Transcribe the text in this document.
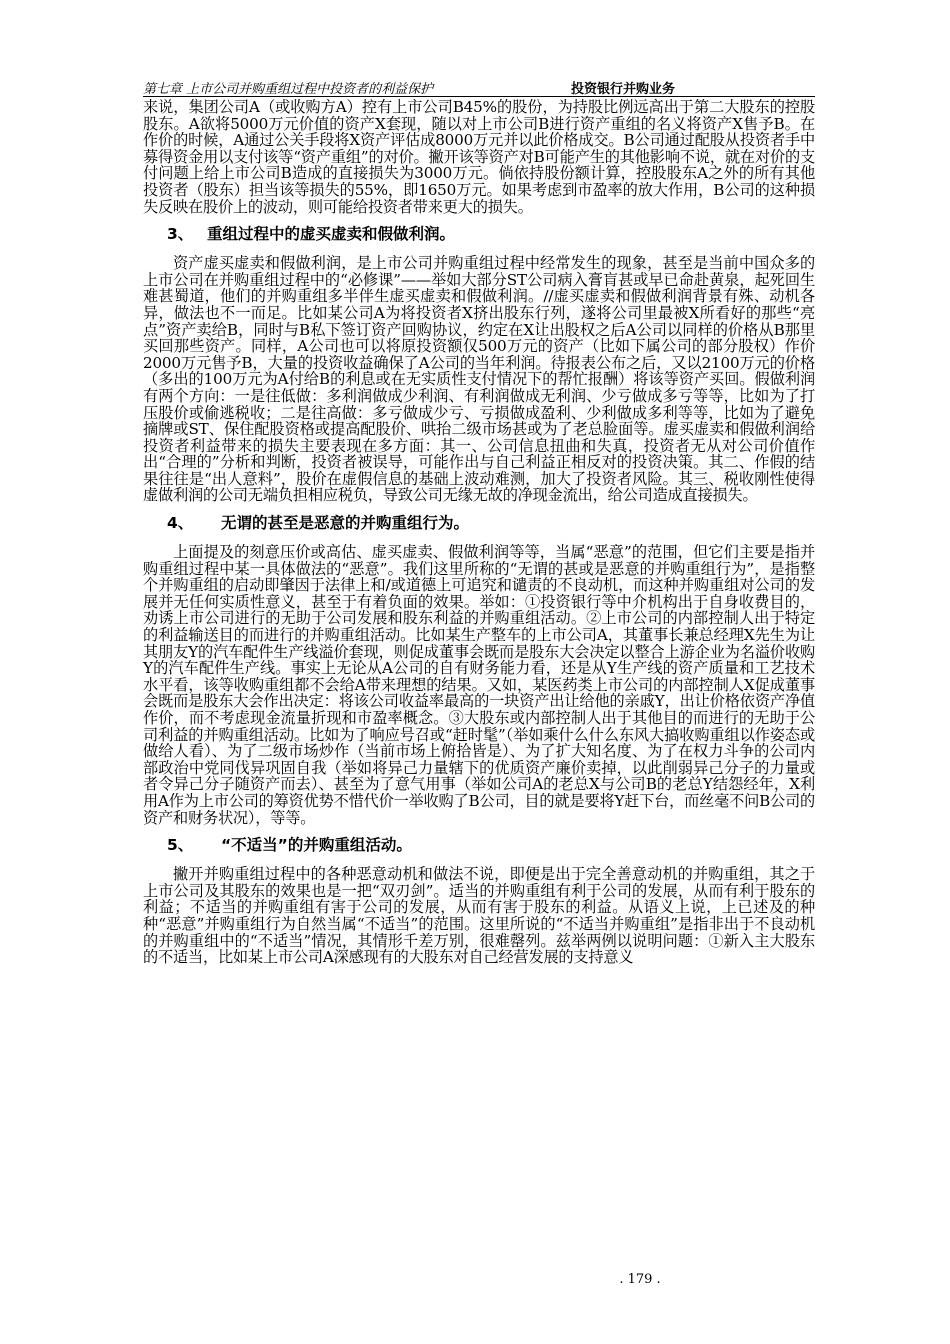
第七章 上市公司并购重组过程中投资者的利益保护	投资银行并购业务

来说，集团公司A（或收购方A）控有上市公司B45%的股份，为持股比例远高出于第二大股东的控股股东。A欲将5000万元价值的资产X套现，随以对上市公司B进行资产重组的名义将资产X售予B。在作价的时候，A通过公关手段将X资产评估成8000万元并以此价格成交。B公司通过配股从投资者手中募得资金用以支付该等“资产重组”的对价。撇开该等资产对B可能产生的其他影响不说，就在对价的支付问题上给上市公司B造成的直接损失为3000万元。倘依持股份额计算，控股股东A之外的所有其他投资者（股东）担当该等损失的55%，即1650万元。如果考虑到市盈率的放大作用，B公司的这种损失反映在股价上的波动，则可能给投资者带来更大的损失。

3、 重组过程中的虚买虚卖和假做利润。

资产虚买虚卖和假做利润，是上市公司并购重组过程中经常发生的现象，甚至是当前中国众多的上市公司在并购重组过程中的“必修课”——举如大部分ST公司病入膏肓甚或早已命赴黄泉，起死回生难甚蜀道，他们的并购重组多半伴生虚买虚卖和假做利润。//虚买虚卖和假做利润背景有殊、动机各异，做法也不一而足。比如某公司A为将投资者X挤出股东行列，遂将公司里最被X所看好的那些“亮点”资产卖给B，同时与B私下签订资产回购协议，约定在X让出股权之后A公司以同样的价格从B那里买回那些资产。同样，A公司也可以将原投资额仅500万元的资产（比如下属公司的部分股权）作价2000万元售予B，大量的投资收益确保了A公司的当年利润。待报表公布之后，又以2100万元的价格（多出的100万元为A付给B的利息或在无实质性支付情况下的帮忙报酬）将该等资产买回。假做利润有两个方向：一是往低做：多利润做成少利润、有利润做成无利润、少亏做成多亏等等，比如为了打压股价或偷逃税收；二是往高做：多亏做成少亏、亏损做成盈利、少利做成多利等等，比如为了避免摘牌或ST、保住配股资格或提高配股价、哄抬二级市场甚或为了老总脸面等。虚买虚卖和假做利润给投资者利益带来的损失主要表现在多方面：其一、公司信息扭曲和失真，投资者无从对公司价值作出“合理的”分析和判断，投资者被误导，可能作出与自己利益正相反对的投资决策。其二、作假的结果往往是“出人意料”，股价在虚假信息的基础上波动难测，加大了投资者风险。其三、税收刚性使得虚做利润的公司无端负担相应税负，导致公司无缘无故的净现金流出，给公司造成直接损失。

4、 无谓的甚至是恶意的并购重组行为。

上面提及的刻意压价或高估、虚买虚卖、假做利润等等，当属“恶意”的范围，但它们主要是指并购重组过程中某一具体做法的“恶意”。我们这里所称的“无谓的甚或是恶意的并购重组行为”，是指整个并购重组的启动即肇因于法律上和/或道德上可追究和谴责的不良动机，而这种并购重组对公司的发展并无任何实质性意义，甚至于有着负面的效果。举如：①投资银行等中介机构出于自身收费目的，劝诱上市公司进行的无助于公司发展和股东利益的并购重组活动。②上市公司的内部控制人出于特定的利益输送目的而进行的并购重组活动。比如某生产整车的上市公司A，其董事长兼总经理X先生为让其朋友Y的汽车配件生产线溢价套现，则促成董事会既而是股东大会决定以整合上游企业为名溢价收购Y的汽车配件生产线。事实上无论从A公司的自有财务能力看，还是从Y生产线的资产质量和工艺技术水平看，该等收购重组都不会给A带来理想的结果。又如，某医药类上市公司的内部控制人X促成董事会既而是股东大会作出决定：将该公司收益率最高的一块资产出让给他的亲戚Y，出让价格依资产净值作价，而不考虑现金流量折现和市盈率概念。③大股东或内部控制人出于其他目的而进行的无助于公司利益的并购重组活动。比如为了响应号召或“赶时髦”（举如乘什么什么东风大搞收购重组以作姿态或做给人看）、为了二级市场炒作（当前市场上俯拾皆是）、为了扩大知名度、为了在权力斗争的公司内部政治中党同伐异巩固自我（举如将异己力量辖下的优质资产廉价卖掉，以此削弱异己分子的力量或者令异己分子随资产而去）、甚至为了意气用事（举如公司A的老总X与公司B的老总Y结怨经年，X利用A作为上市公司的筹资优势不惜代价一举收购了B公司，目的就是要将Y赶下台，而丝毫不问B公司的资产和财务状况），等等。

5、 “不适当”的并购重组活动。

撇开并购重组过程中的各种恶意动机和做法不说，即便是出于完全善意动机的并购重组，其之于上市公司及其股东的效果也是一把“双刃剑”。适当的并购重组有利于公司的发展，从而有利于股东的利益；不适当的并购重组有害于公司的发展，从而有害于股东的利益。从语义上说，上已述及的种种“恶意”并购重组行为自然当属“不适当”的范围。这里所说的“不适当并购重组”是指非出于不良动机的并购重组中的“不适当”情况，其情形千差万别，很难罄列。兹举两例以说明问题：①新入主大股东的不适当，比如某上市公司A深感现有的大股东对自己经营发展的支持意义

. 179 .
